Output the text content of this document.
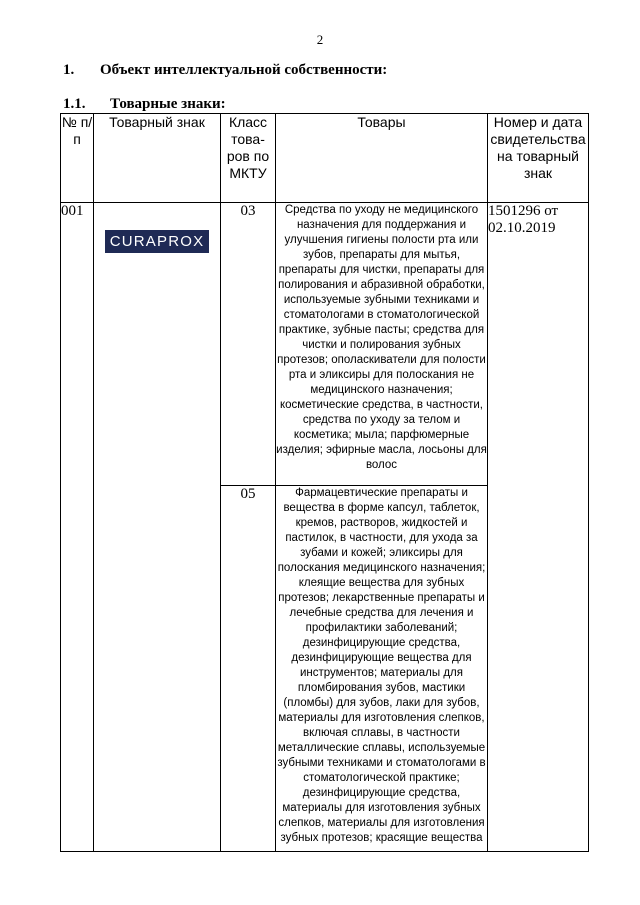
2
1. Объект интеллектуальной собственности:
1.1. Товарные знаки:
№ п/п	Товарный знак	Класс това-ров по МКТУ	Товары	Номер и дата свидетельства на товарный знак
001	CURAPROX	03	Средства по уходу не медицинского назначения для поддержания и улучшения гигиены полости рта или зубов, препараты для мытья, препараты для чистки, препараты для полирования и абразивной обработки, используемые зубными техниками и стоматологами в стоматологической практике, зубные пасты; средства для чистки и полирования зубных протезов; ополаскиватели для полости рта и эликсиры для полоскания не медицинского назначения; косметические средства, в частности, средства по уходу за телом и косметика; мыла; парфюмерные изделия; эфирные масла, лосьоны для волос	1501296 от 02.10.2019
		05	Фармацевтические препараты и вещества в форме капсул, таблеток, кремов, растворов, жидкостей и пастилок, в частности, для ухода за зубами и кожей; эликсиры для полоскания медицинского назначения; клеящие вещества для зубных протезов; лекарственные препараты и лечебные средства для лечения и профилактики заболеваний; дезинфицирующие средства, дезинфицирующие вещества для инструментов; материалы для пломбирования зубов, мастики (пломбы) для зубов, лаки для зубов, материалы для изготовления слепков, включая сплавы, в частности металлические сплавы, используемые зубными техниками и стоматологами в стоматологической практике; дезинфицирующие средства, материалы для изготовления зубных слепков, материалы для изготовления зубных протезов; красящие вещества	
